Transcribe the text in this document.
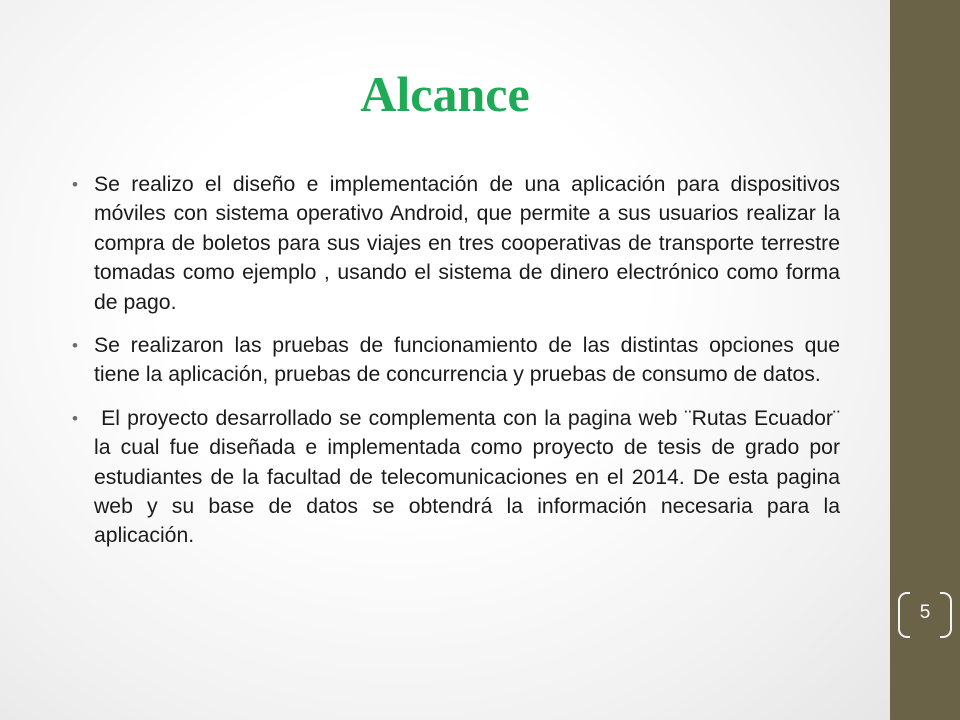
Alcance
• Se realizo el diseño e implementación de una aplicación para dispositivos móviles con sistema operativo Android, que permite a sus usuarios realizar la compra de boletos para sus viajes en tres cooperativas de transporte terrestre tomadas como ejemplo , usando el sistema de dinero electrónico como forma de pago.
• Se realizaron las pruebas de funcionamiento de las distintas opciones que tiene la aplicación, pruebas de concurrencia y pruebas de consumo de datos.
• El proyecto desarrollado se complementa con la pagina web ¨Rutas Ecuador¨ la cual fue diseñada e implementada como proyecto de tesis de grado por estudiantes de la facultad de telecomunicaciones en el 2014. De esta pagina web y su base de datos se obtendrá la información necesaria para la aplicación.
5
